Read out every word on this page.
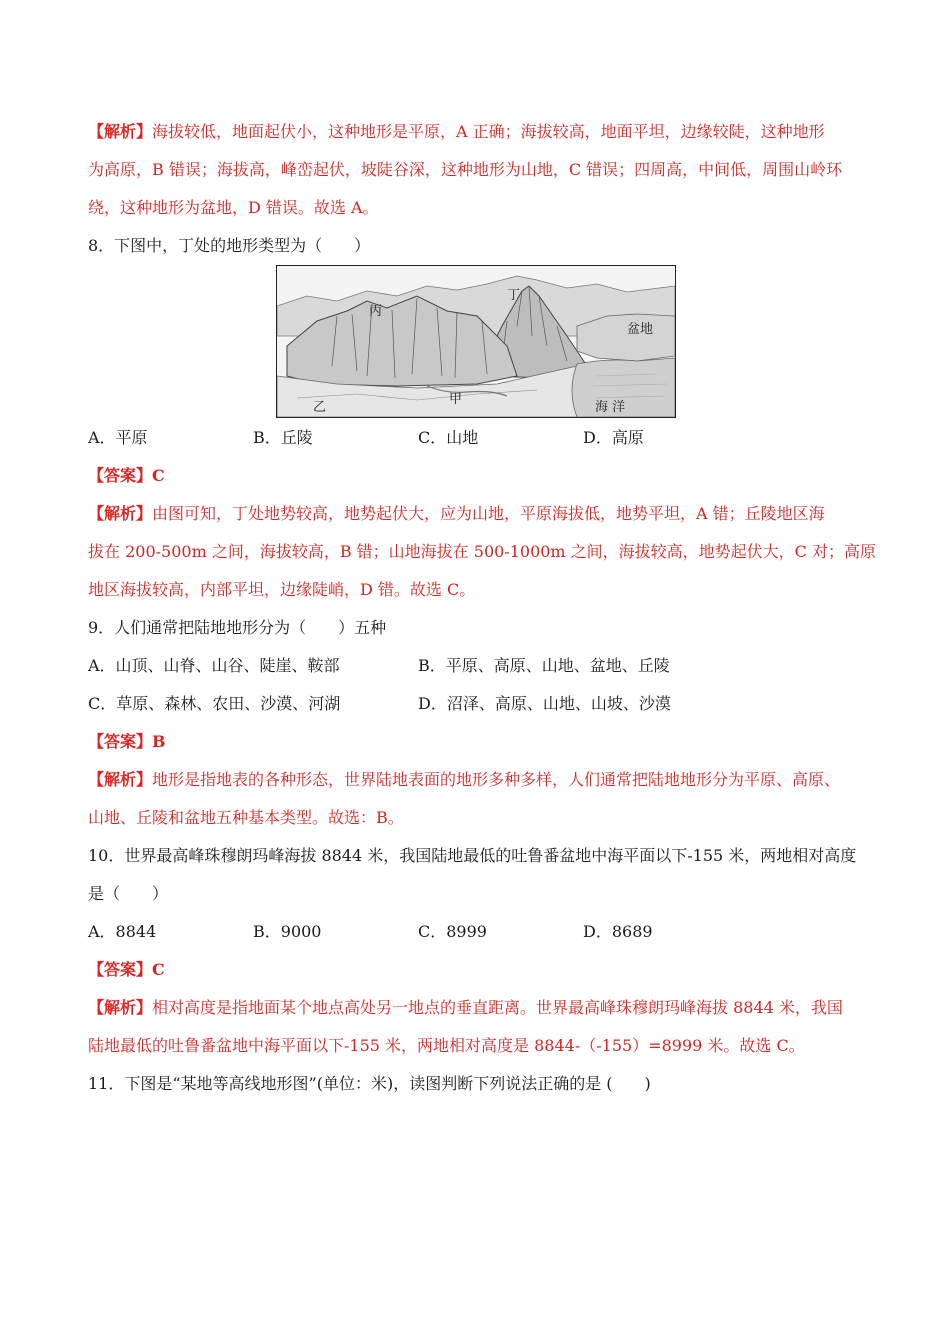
【解析】海拔较低，地面起伏小，这种地形是平原，A 正确；海拔较高，地面平坦，边缘较陡，这种地形
为高原，B 错误；海拔高，峰峦起伏，坡陡谷深，这种地形为山地，C 错误；四周高，中间低，周围山岭环
绕，这种地形为盆地，D 错误。故选 A。
8．下图中，丁处的地形类型为（　　）
丙
丁
盆地
甲
乙	海 洋
A．平原	B．丘陵	C．山地	D．高原
【答案】C
【解析】由图可知，丁处地势较高，地势起伏大，应为山地，平原海拔低，地势平坦，A 错；丘陵地区海
拔在 200-500m 之间，海拔较高，B 错；山地海拔在 500-1000m 之间，海拔较高，地势起伏大，C 对；高原
地区海拔较高，内部平坦，边缘陡峭，D 错。故选 C。
9．人们通常把陆地地形分为（　　）五种
A．山顶、山脊、山谷、陡崖、鞍部	B．平原、高原、山地、盆地、丘陵
C．草原、森林、农田、沙漠、河湖	D．沼泽、高原、山地、山坡、沙漠
【答案】B
【解析】地形是指地表的各种形态，世界陆地表面的地形多种多样，人们通常把陆地地形分为平原、高原、
山地、丘陵和盆地五种基本类型。故选：B。
10．世界最高峰珠穆朗玛峰海拔 8844 米，我国陆地最低的吐鲁番盆地中海平面以下-155 米，两地相对高度
是（　　）
A．8844	B．9000	C．8999	D．8689
【答案】C
【解析】相对高度是指地面某个地点高处另一地点的垂直距离。世界最高峰珠穆朗玛峰海拔 8844 米，我国
陆地最低的吐鲁番盆地中海平面以下-155 米，两地相对高度是 8844-（-155）=8999 米。故选 C。
11．下图是“某地等高线地形图”(单位：米)，读图判断下列说法正确的是 (　　)
